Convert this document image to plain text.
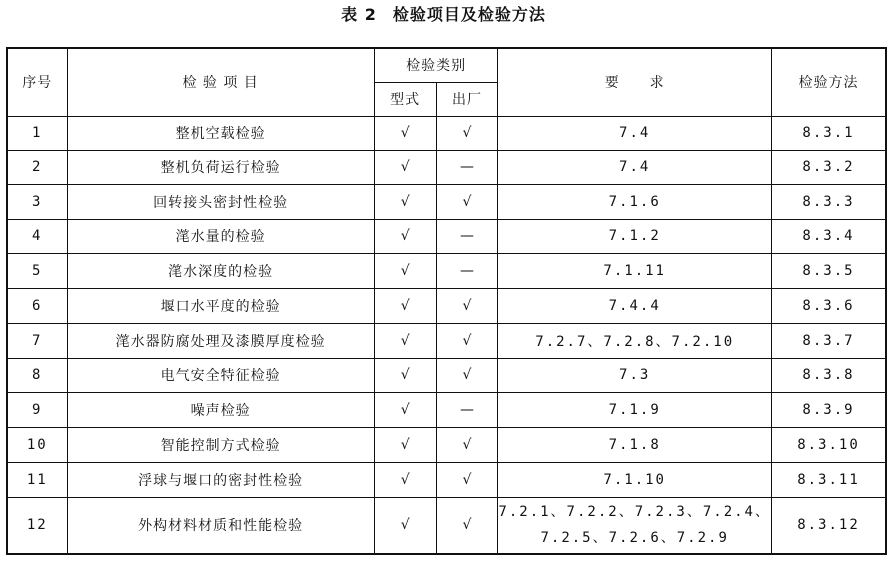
表 2 检验项目及检验方法
序号	检 验 项 目	检验类别		要　　求	检验方法
		型式	出厂		
1	整机空载检验	√	√	7.4	8.3.1
2	整机负荷运行检验	√	—	7.4	8.3.2
3	回转接头密封性检验	√	√	7.1.6	8.3.3
4	滗水量的检验	√	—	7.1.2	8.3.4
5	滗水深度的检验	√	—	7.1.11	8.3.5
6	堰口水平度的检验	√	√	7.4.4	8.3.6
7	滗水器防腐处理及漆膜厚度检验	√	√	7.2.7、7.2.8、7.2.10	8.3.7
8	电气安全特征检验	√	√	7.3	8.3.8
9	噪声检验	√	—	7.1.9	8.3.9
10	智能控制方式检验	√	√	7.1.8	8.3.10
11	浮球与堰口的密封性检验	√	√	7.1.10	8.3.11
12	外构材料材质和性能检验	√	√	7.2.1、7.2.2、7.2.3、7.2.4、
7.2.5、7.2.6、7.2.9	8.3.12
